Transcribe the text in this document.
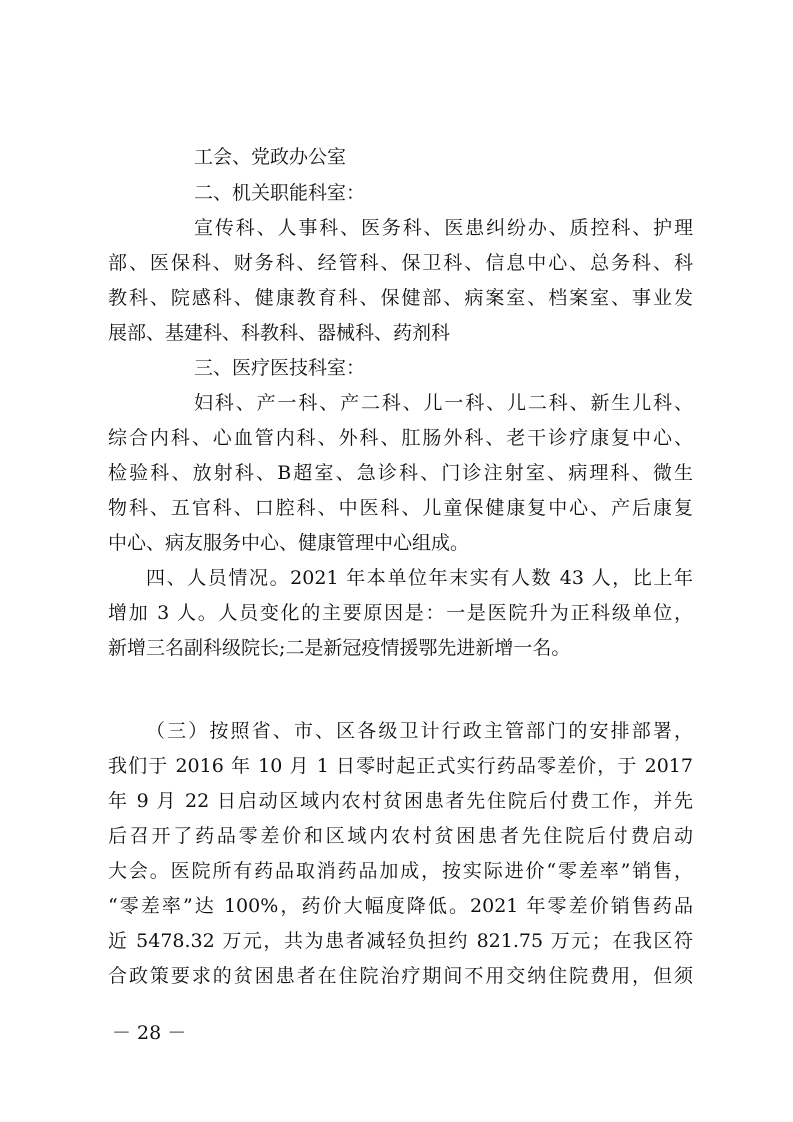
工会、党政办公室
二、机关职能科室：
宣传科、人事科、医务科、医患纠纷办、质控科、护理
部、医保科、财务科、经管科、保卫科、信息中心、总务科、科
教科、院感科、健康教育科、保健部、病案室、档案室、事业发
展部、基建科、科教科、器械科、药剂科
三、医疗医技科室：
妇科、产一科、产二科、儿一科、儿二科、新生儿科、
综合内科、心血管内科、外科、肛肠外科、老干诊疗康复中心、
检验科、放射科、B超室、急诊科、门诊注射室、病理科、微生
物科、五官科、口腔科、中医科、儿童保健康复中心、产后康复
中心、病友服务中心、健康管理中心组成。
四、人员情况。2021 年本单位年末实有人数 43 人，比上年
增加 3 人。人员变化的主要原因是：一是医院升为正科级单位，
新增三名副科级院长;二是新冠疫情援鄂先进新增一名。
（三）按照省、市、区各级卫计行政主管部门的安排部署，
我们于 2016 年 10 月 1 日零时起正式实行药品零差价，于 2017
年 9 月 22 日启动区域内农村贫困患者先住院后付费工作，并先
后召开了药品零差价和区域内农村贫困患者先住院后付费启动
大会。医院所有药品取消药品加成，按实际进价“零差率”销售，
“零差率”达 100%，药价大幅度降低。2021 年零差价销售药品
近 5478.32 万元，共为患者减轻负担约 821.75 万元；在我区符
合政策要求的贫困患者在住院治疗期间不用交纳住院费用，但须
－ 28 －
